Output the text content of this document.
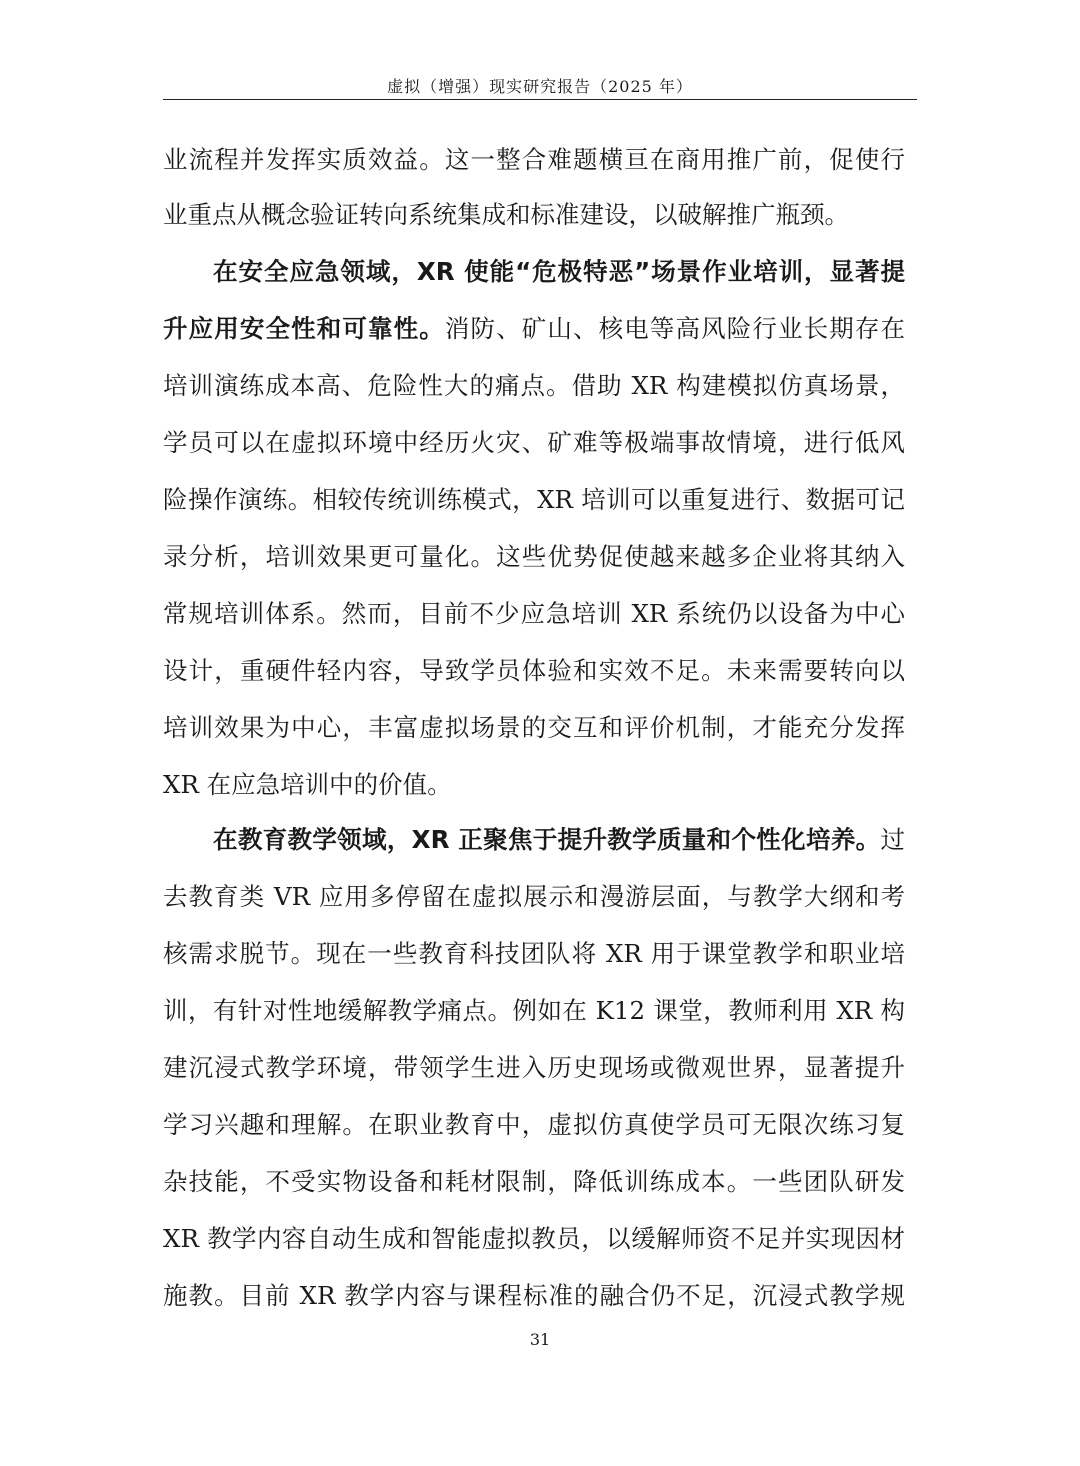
虚拟（增强）现实研究报告（2025 年）
业流程并发挥实质效益。这一整合难题横亘在商用推广前，促使行
业重点从概念验证转向系统集成和标准建设，以破解推广瓶颈。
在安全应急领域，XR 使能“危极特恶”场景作业培训，显著提
升应用安全性和可靠性。消防、矿山、核电等高风险行业长期存在
培训演练成本高、危险性大的痛点。借助 XR 构建模拟仿真场景，
学员可以在虚拟环境中经历火灾、矿难等极端事故情境，进行低风
险操作演练。相较传统训练模式，XR 培训可以重复进行、数据可记
录分析，培训效果更可量化。这些优势促使越来越多企业将其纳入
常规培训体系。然而，目前不少应急培训 XR 系统仍以设备为中心
设计，重硬件轻内容，导致学员体验和实效不足。未来需要转向以
培训效果为中心，丰富虚拟场景的交互和评价机制，才能充分发挥
XR 在应急培训中的价值。
在教育教学领域，XR 正聚焦于提升教学质量和个性化培养。过
去教育类 VR 应用多停留在虚拟展示和漫游层面，与教学大纲和考
核需求脱节。现在一些教育科技团队将 XR 用于课堂教学和职业培
训，有针对性地缓解教学痛点。例如在 K12 课堂，教师利用 XR 构
建沉浸式教学环境，带领学生进入历史现场或微观世界，显著提升
学习兴趣和理解。在职业教育中，虚拟仿真使学员可无限次练习复
杂技能，不受实物设备和耗材限制，降低训练成本。一些团队研发
XR 教学内容自动生成和智能虚拟教员，以缓解师资不足并实现因材
施教。目前 XR 教学内容与课程标准的融合仍不足，沉浸式教学规
31
